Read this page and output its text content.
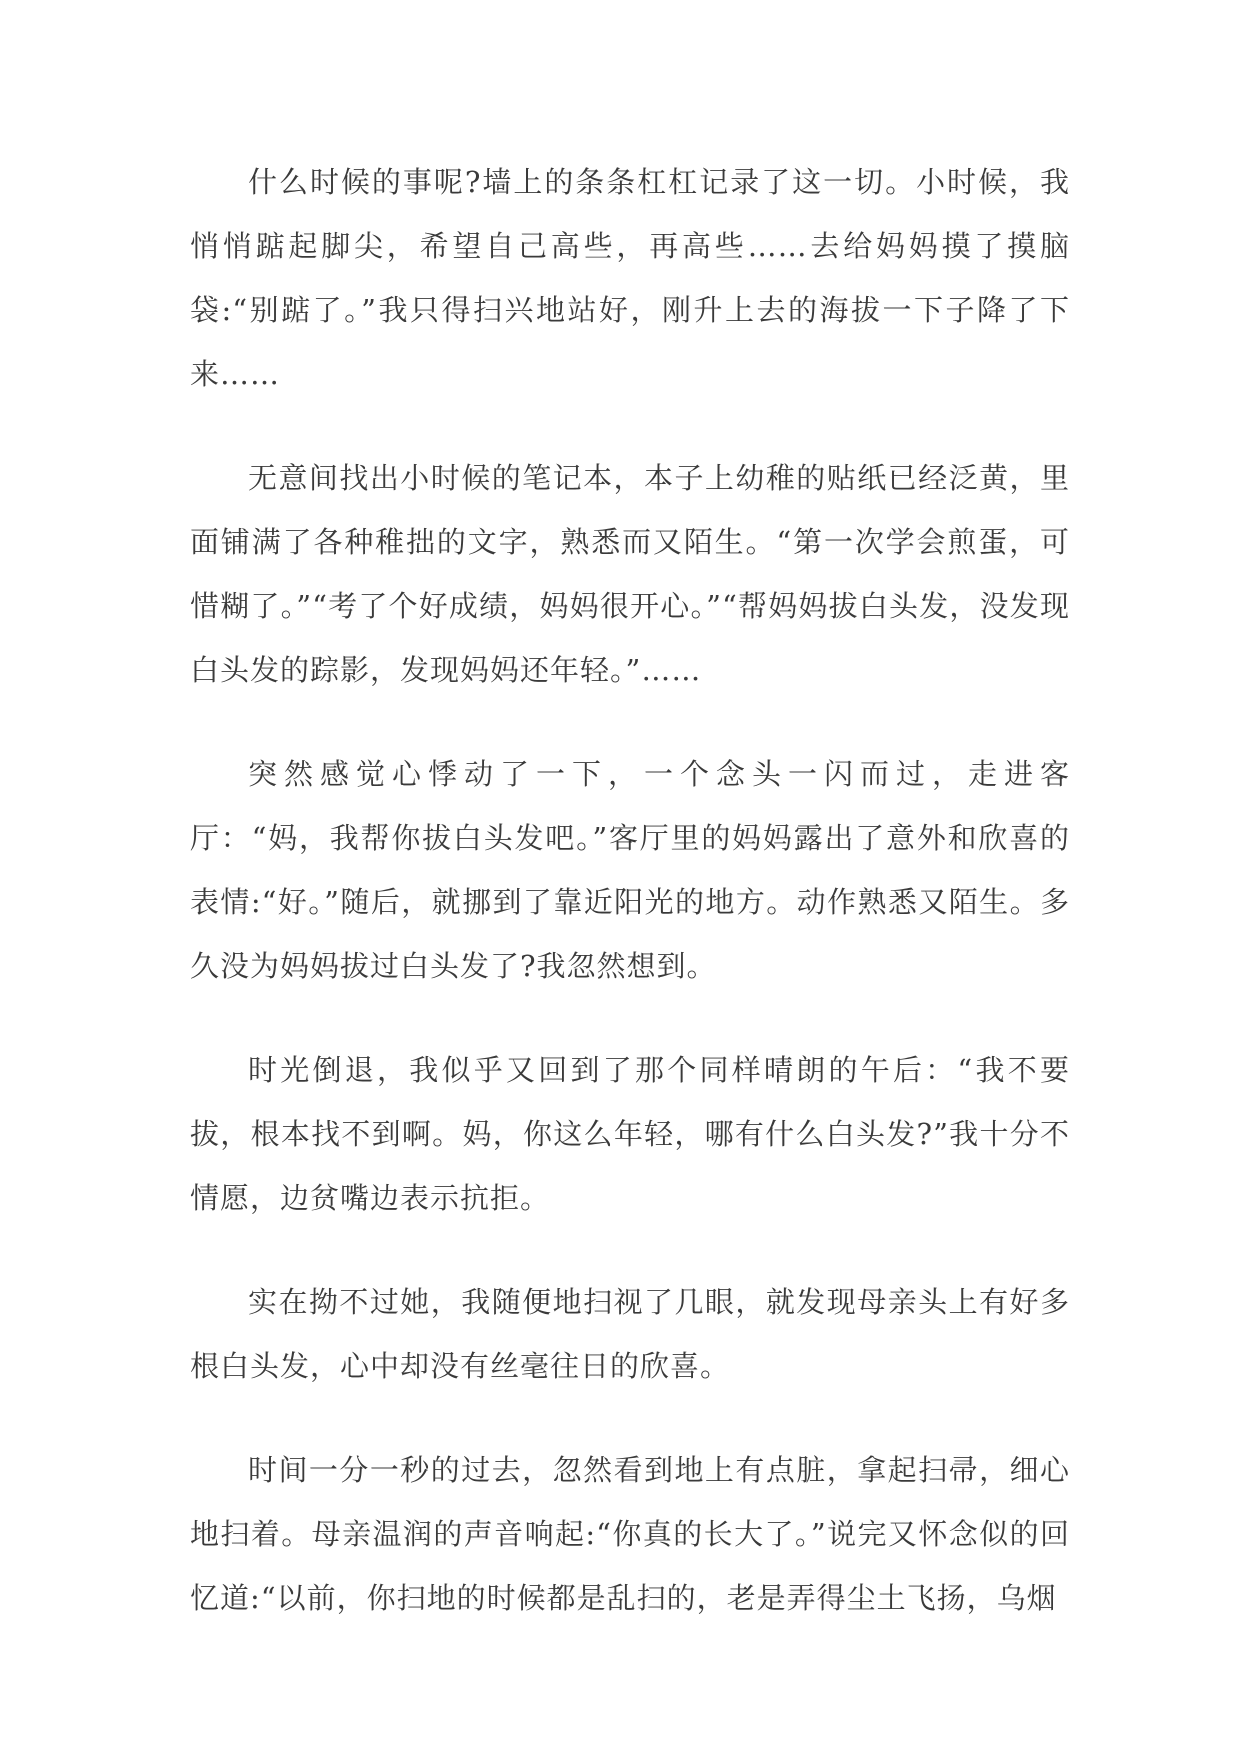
什么时候的事呢?墙上的条条杠杠记录了这一切。小时候，我悄悄踮起脚尖，希望自己高些，再高些……去给妈妈摸了摸脑袋:“别踮了。”我只得扫兴地站好，刚升上去的海拔一下子降了下来……

无意间找出小时候的笔记本，本子上幼稚的贴纸已经泛黄，里面铺满了各种稚拙的文字，熟悉而又陌生。“第一次学会煎蛋，可惜糊了。”“考了个好成绩，妈妈很开心。”“帮妈妈拔白头发，没发现白头发的踪影，发现妈妈还年轻。”……

突然感觉心悸动了一下，一个念头一闪而过，走进客厅：“妈，我帮你拔白头发吧。”客厅里的妈妈露出了意外和欣喜的表情:“好。”随后，就挪到了靠近阳光的地方。动作熟悉又陌生。多久没为妈妈拔过白头发了?我忽然想到。

时光倒退，我似乎又回到了那个同样晴朗的午后：“我不要拔，根本找不到啊。妈，你这么年轻，哪有什么白头发?”我十分不情愿，边贫嘴边表示抗拒。

实在拗不过她，我随便地扫视了几眼，就发现母亲头上有好多根白头发，心中却没有丝毫往日的欣喜。

时间一分一秒的过去，忽然看到地上有点脏，拿起扫帚，细心地扫着。母亲温润的声音响起:“你真的长大了。”说完又怀念似的回忆道:“以前，你扫地的时候都是乱扫的，老是弄得尘土飞扬，乌烟
